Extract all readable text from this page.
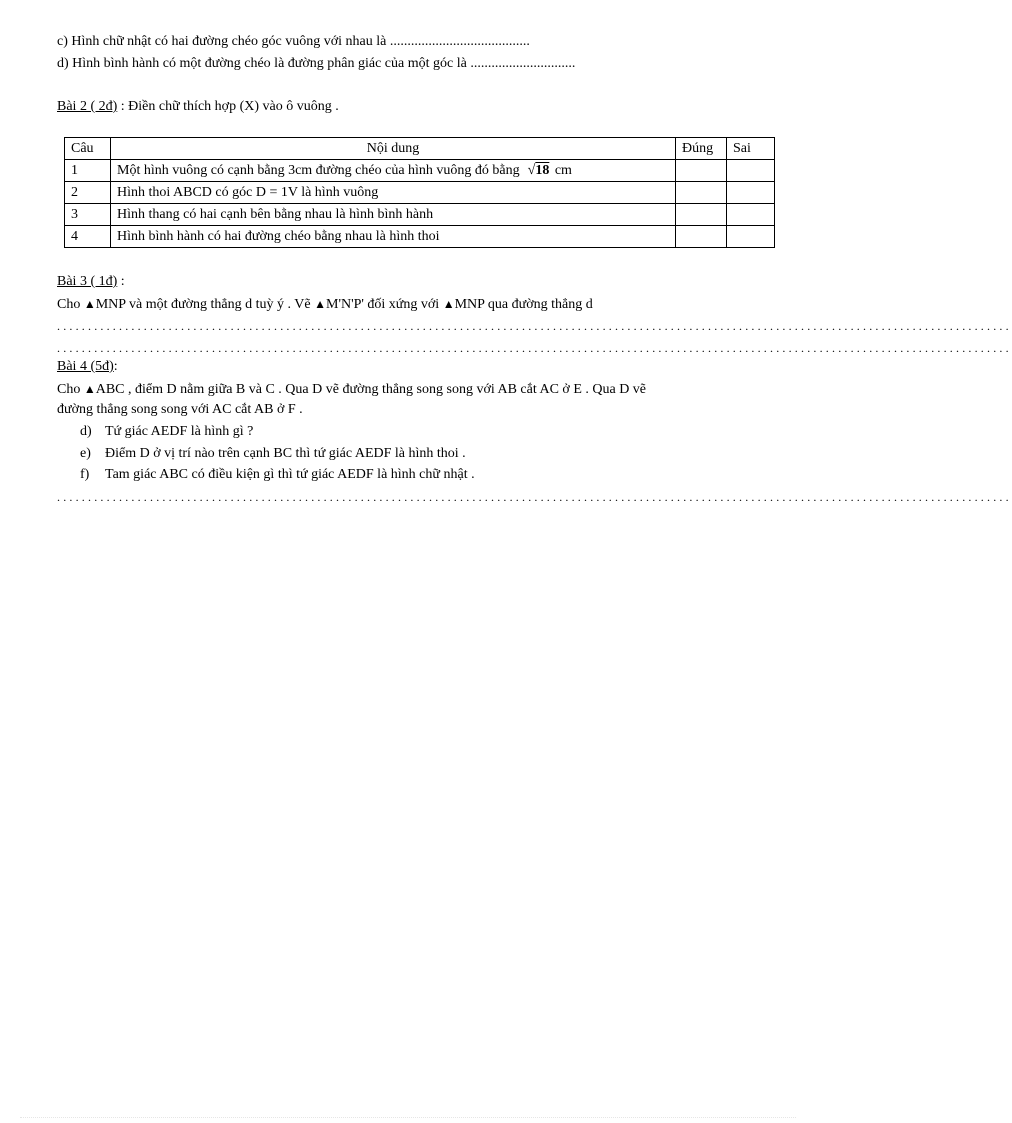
c) Hình chữ nhật có hai đường chéo góc vuông với nhau là ........................................
d) Hình bình hành có một đường chéo là đường phân giác của một góc là ..............................
Bài 2 ( 2đ) : Điền chữ thích hợp (X) vào ô vuông .
Câu	Nội dung	Đúng	Sai
1	Một hình vuông có cạnh bằng 3cm đường chéo của hình vuông đó bằng √18 cm		
2	Hình thoi ABCD có góc D = 1V là hình vuông		
3	Hình thang có hai cạnh bên bằng nhau là hình bình hành		
4	Hình bình hành có hai đường chéo bằng nhau là hình thoi		
Bài 3 ( 1đ) :
Cho ▲MNP và một đường thẳng d tuỳ ý . Vẽ ▲M'N'P' đối xứng với ▲MNP qua đường thẳng d
..........................................................................................................................................................
..........................................................................................................................................................
Bài 4 (5đ):
Cho ▲ABC , điểm D nằm giữa B và C . Qua D vẽ đường thẳng song song với AB cắt AC ở E . Qua D vẽ
đường thẳng song song với AC cắt AB ở F .
d) Tứ giác AEDF là hình gì ?
e) Điểm D ở vị trí nào trên cạnh BC thì tứ giác AEDF là hình thoi .
f) Tam giác ABC có điều kiện gì thì tứ giác AEDF là hình chữ nhật .
..........................................................................................................................................................
